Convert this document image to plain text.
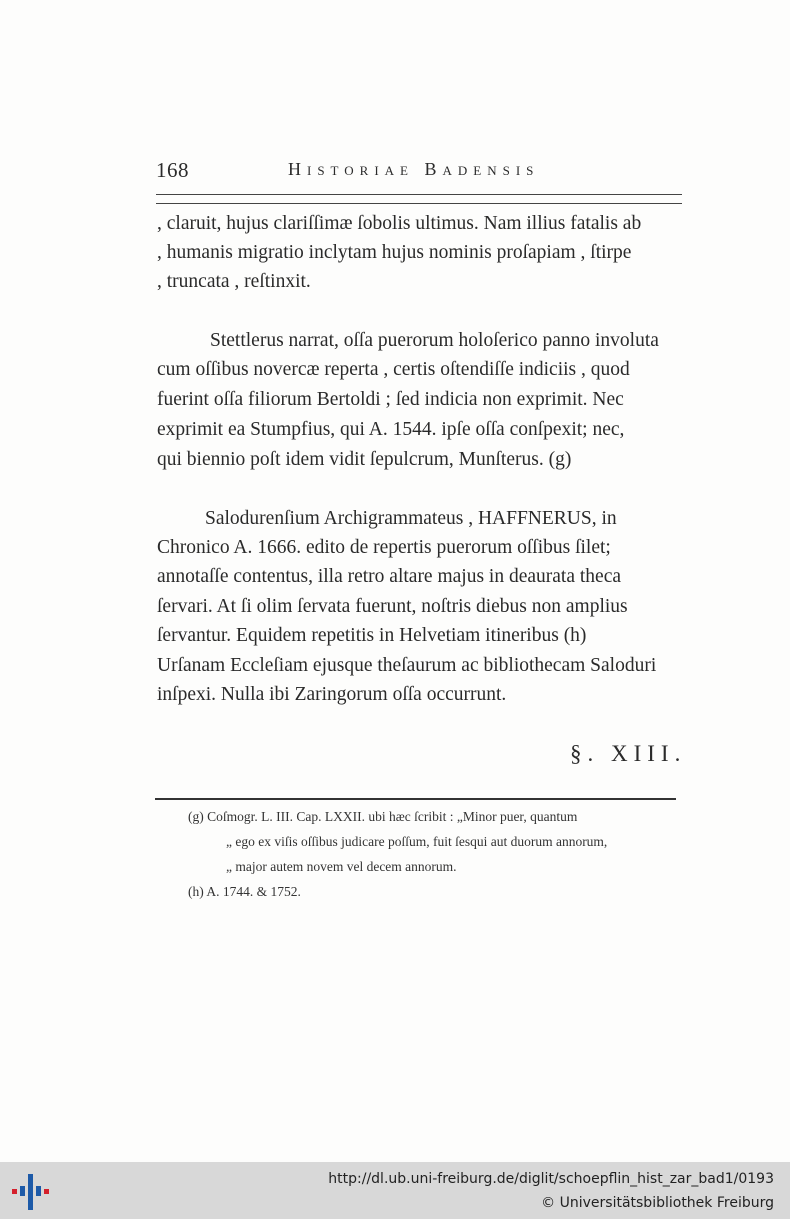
168	Historiae Badensis
, claruit, hujus clariſſimæ ſobolis ultimus. Nam illius fatalis ab
, humanis migratio inclytam hujus nominis proſapiam , ſtirpe
, truncata , reſtinxit.
Stettlerus narrat, oſſa puerorum holoſerico panno involuta
cum oſſibus novercæ reperta , certis oſtendiſſe indiciis , quod
fuerint oſſa filiorum Bertoldi ; ſed indicia non exprimit. Nec
exprimit ea Stumpfius, qui A. 1544. ipſe oſſa conſpexit; nec,
qui biennio poſt idem vidit ſepulcrum, Munſterus. (g)
Salodurenſium Archigrammateus , HAFFNERUS, in
Chronico A. 1666. edito de repertis puerorum oſſibus ſilet;
annotaſſe contentus, illa retro altare majus in deaurata theca
ſervari. At ſi olim ſervata fuerunt, noſtris diebus non amplius
ſervantur. Equidem repetitis in Helvetiam itineribus (h)
Urſanam Eccleſiam ejusque theſaurum ac bibliothecam Saloduri
inſpexi. Nulla ibi Zaringorum oſſa occurrunt.
§. XIII.
(g) Coſmogr. L. III. Cap. LXXII. ubi hæc ſcribit : „Minor puer, quantum
„ ego ex viſis oſſibus judicare poſſum, fuit ſesqui aut duorum annorum,
„ major autem novem vel decem annorum.
(h) A. 1744. & 1752.
http://dl.ub.uni-freiburg.de/diglit/schoepflin_hist_zar_bad1/0193
© Universitätsbibliothek Freiburg
